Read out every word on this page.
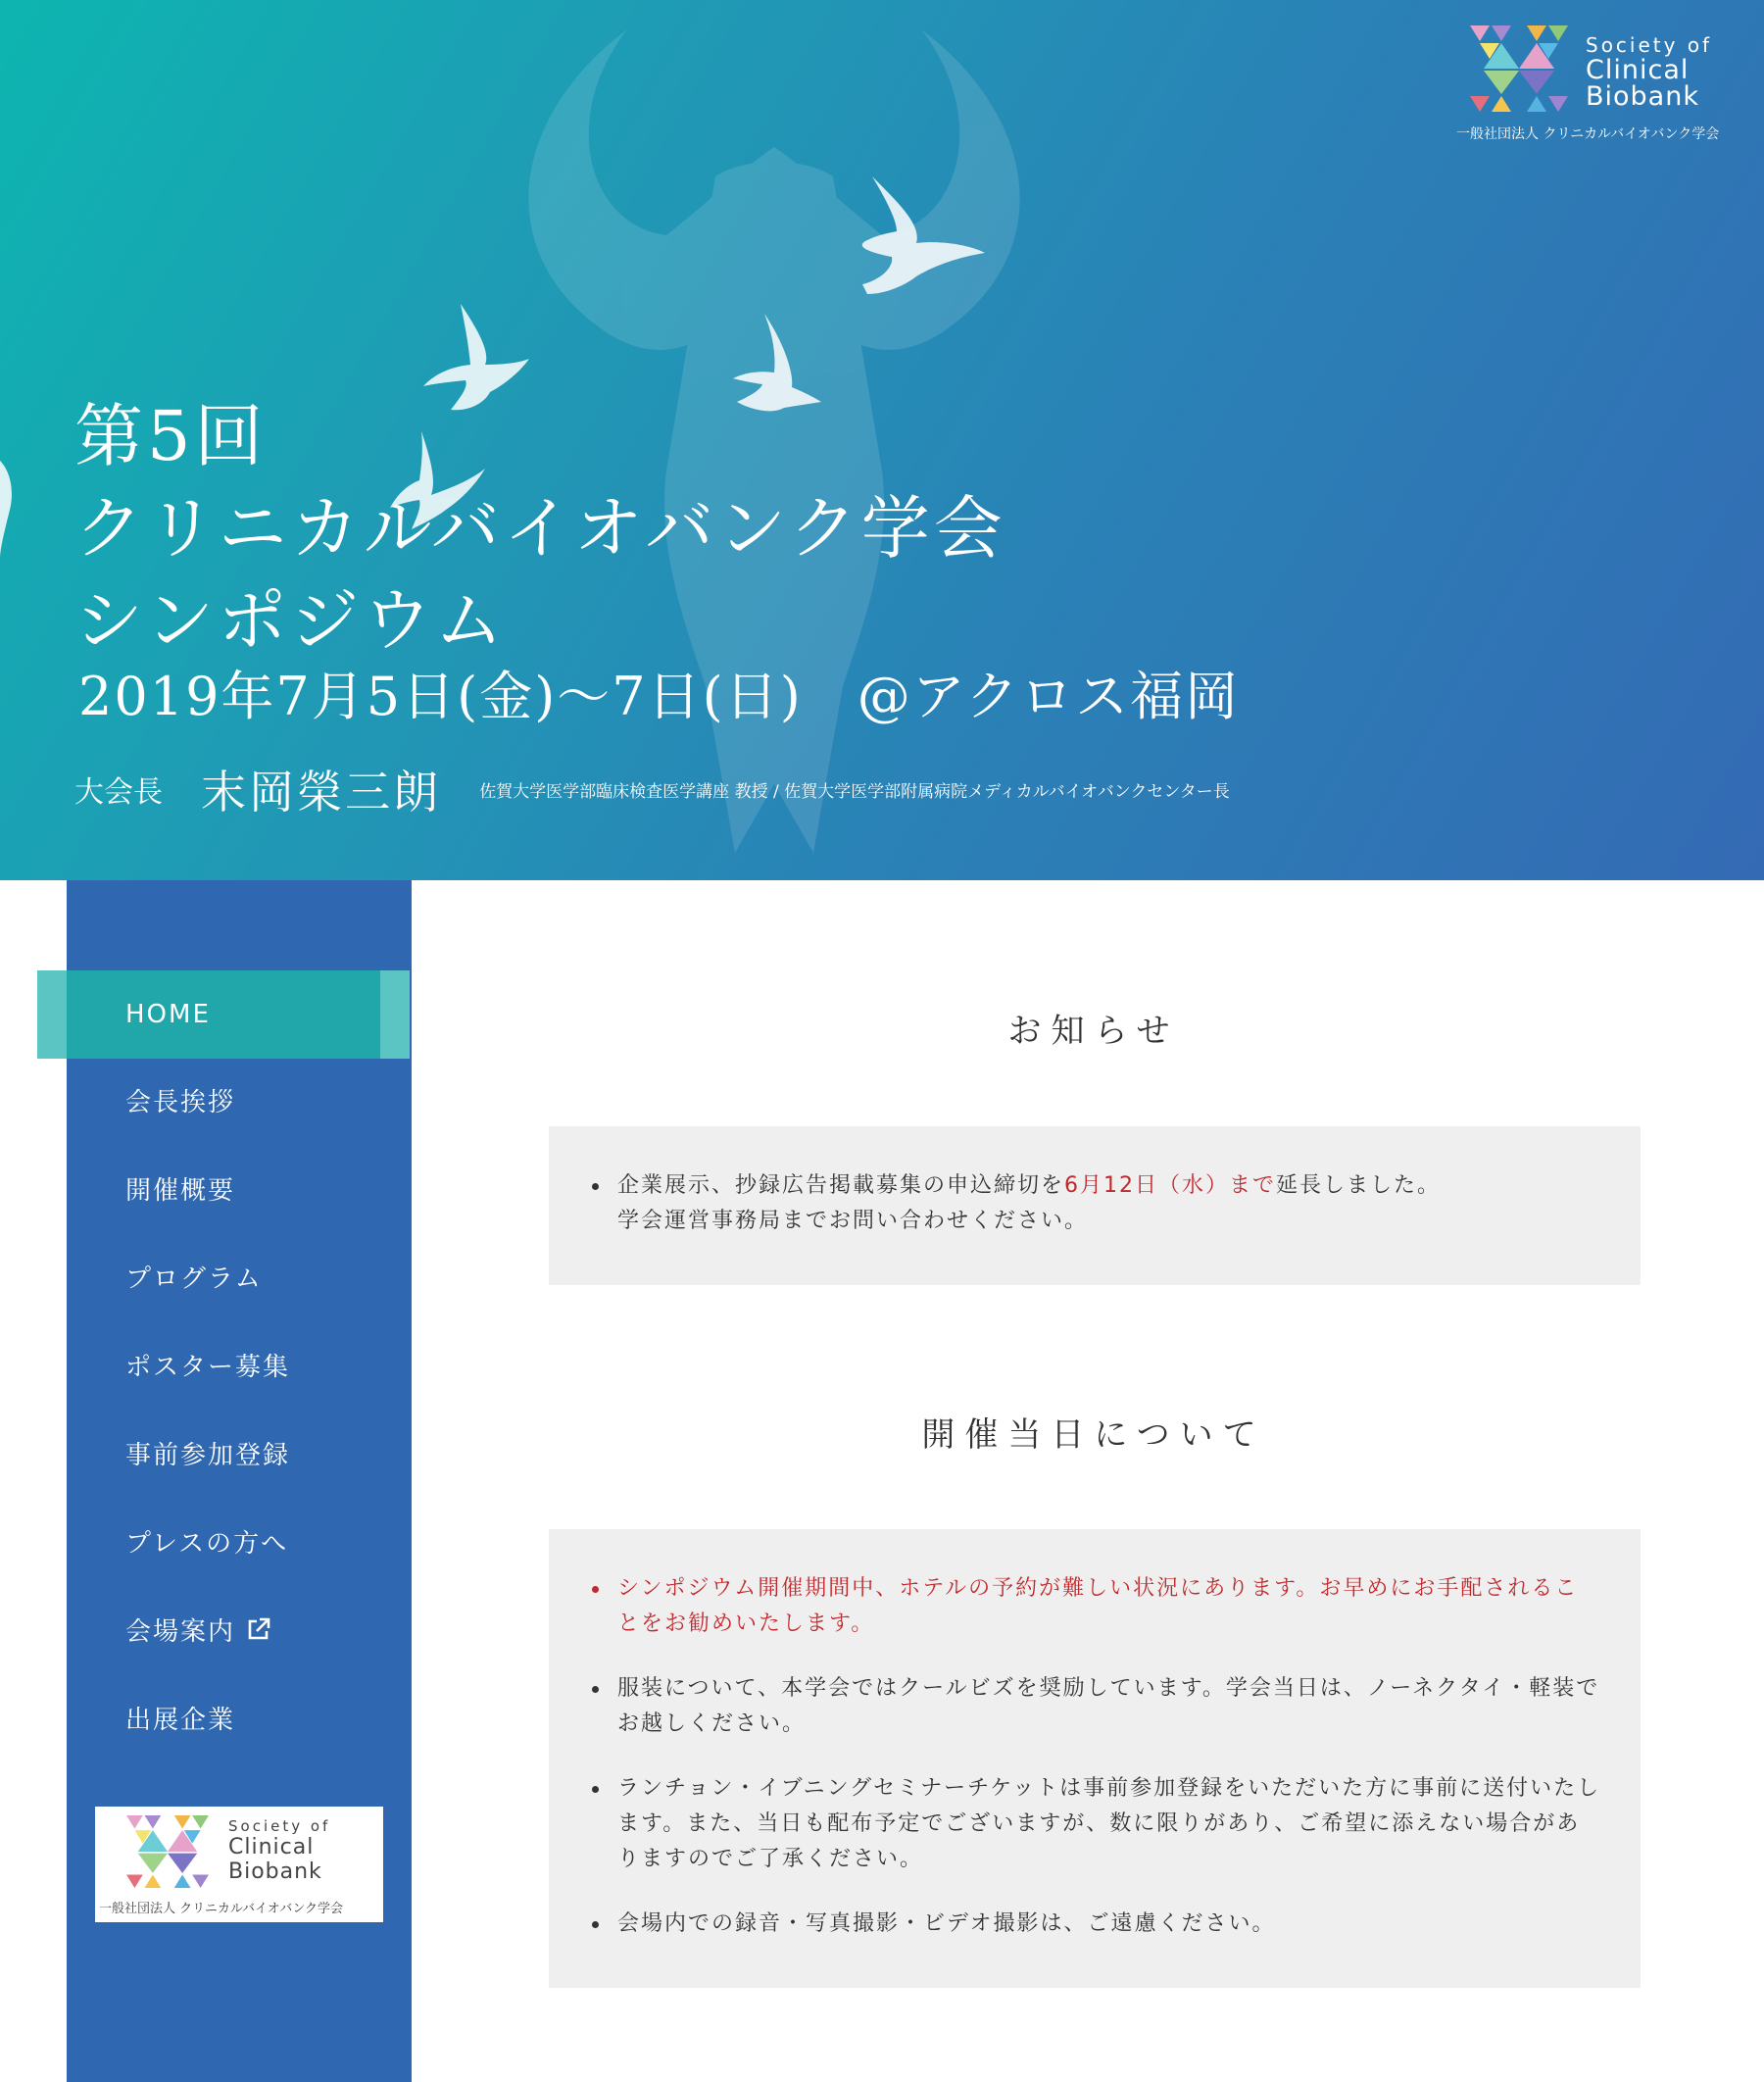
Society of
Clinical
Biobank
一般社団法人 クリニカルバイオバンク学会
第5回
クリニカルバイオバンク学会
シンポジウム
2019年7月5日(金)～7日(日)　@アクロス福岡
大会長 末岡榮三朗 佐賀大学医学部臨床検査医学講座 教授 / 佐賀大学医学部附属病院メディカルバイオバンクセンター長
HOME
会長挨拶
開催概要
プログラム
ポスター募集
事前参加登録
プレスの方へ
会場案内
出展企業
Society of
Clinical
Biobank
一般社団法人 クリニカルバイオバンク学会
お知らせ
企業展示、抄録広告掲載募集の申込締切を6月12日（水）まで延長しました。
学会運営事務局までお問い合わせください。
開催当日について
シンポジウム開催期間中、ホテルの予約が難しい状況にあります。お早めにお手配されることをお勧めいたします。
服装について、本学会ではクールビズを奨励しています。学会当日は、ノーネクタイ・軽装でお越しください。
ランチョン・イブニングセミナーチケットは事前参加登録をいただいた方に事前に送付いたします。また、当日も配布予定でございますが、数に限りがあり、ご希望に添えない場合がありますのでご了承ください。
会場内での録音・写真撮影・ビデオ撮影は、ご遠慮ください。
